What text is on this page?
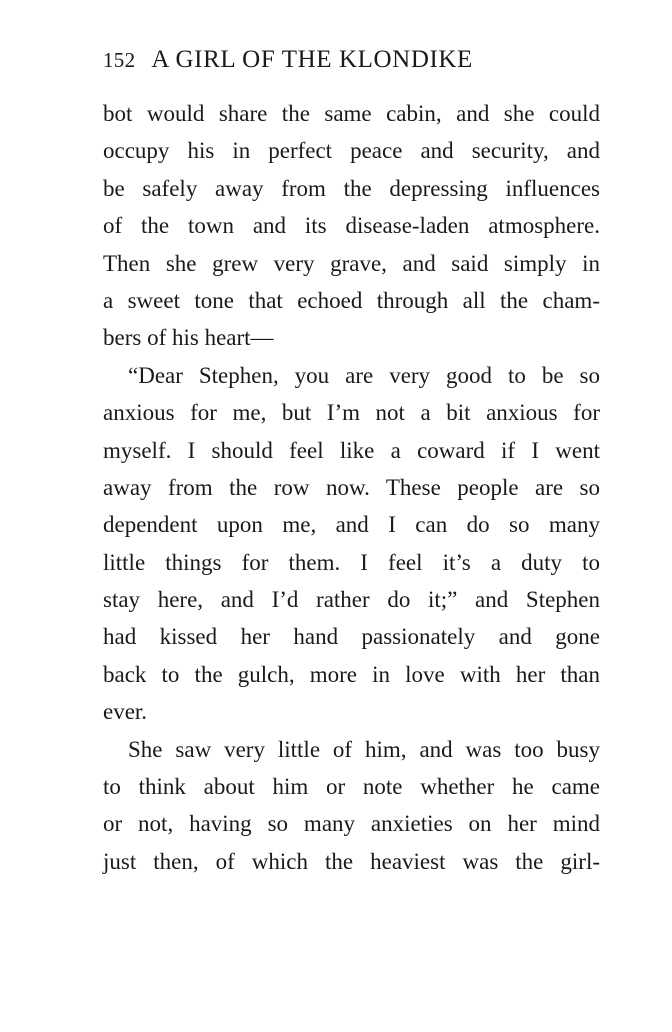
152 A GIRL OF THE KLONDIKE
bot would share the same cabin, and she could
occupy his in perfect peace and security, and
be safely away from the depressing influences
of the town and its disease-laden atmosphere.
Then she grew very grave, and said simply in
a sweet tone that echoed through all the cham-
bers of his heart—
“Dear Stephen, you are very good to be so
anxious for me, but I’m not a bit anxious for
myself. I should feel like a coward if I went
away from the row now. These people are so
dependent upon me, and I can do so many
little things for them. I feel it’s a duty to
stay here, and I’d rather do it;” and Stephen
had kissed her hand passionately and gone
back to the gulch, more in love with her than
ever.
She saw very little of him, and was too busy
to think about him or note whether he came
or not, having so many anxieties on her mind
just then, of which the heaviest was the girl-
